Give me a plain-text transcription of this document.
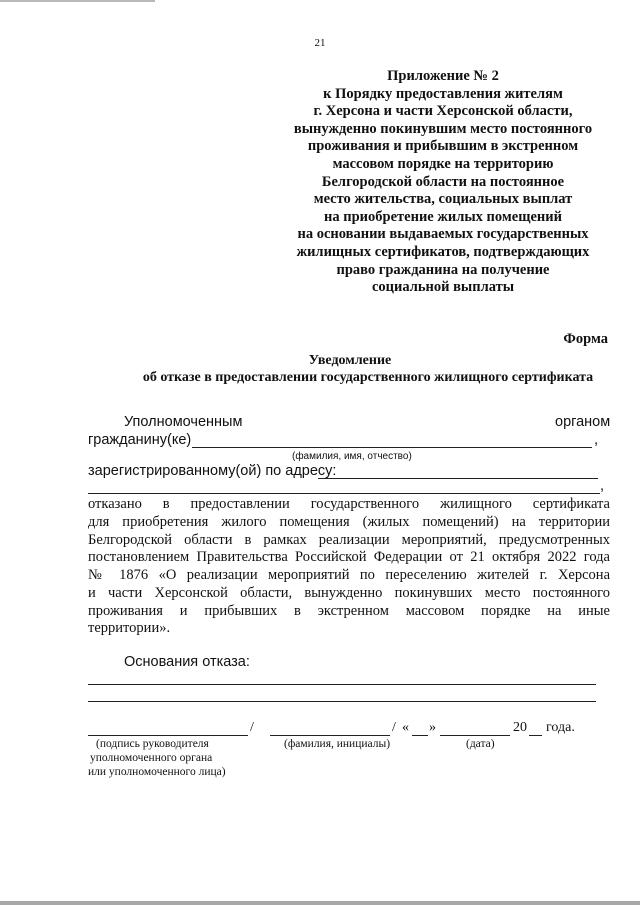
21
Приложение № 2
к Порядку предоставления жителям
г. Херсона и части Херсонской области,
вынужденно покинувшим место постоянного
проживания и прибывшим в экстренном
массовом порядке на территорию
Белгородской области на постоянное
место жительства, социальных выплат
на приобретение жилых помещений
на основании выдаваемых государственных
жилищных сертификатов, подтверждающих
право гражданина на получение
социальной выплаты
Форма
Уведомление
об отказе в предоставлении государственного жилищного сертификата
Уполномоченным	органом
гражданину(ке)	,
(фамилия, имя, отчество)
зарегистрированному(ой) по адресу:
,
отказано в предоставлении государственного жилищного сертификата
для приобретения жилого помещения (жилых помещений) на территории
Белгородской области в рамках реализации мероприятий, предусмотренных
постановлением Правительства Российской Федерации от 21 октября 2022 года
№ 1876 «О реализации мероприятий по переселению жителей г. Херсона
и части Херсонской области, вынужденно покинувших место постоянного
проживания и прибывших в экстренном массовом порядке на иные
территории».
Основания отказа:
/	/ « »	20 года.
(подпись руководителя
уполномоченного органа
или уполномоченного лица)
(фамилия, инициалы)	(дата)
